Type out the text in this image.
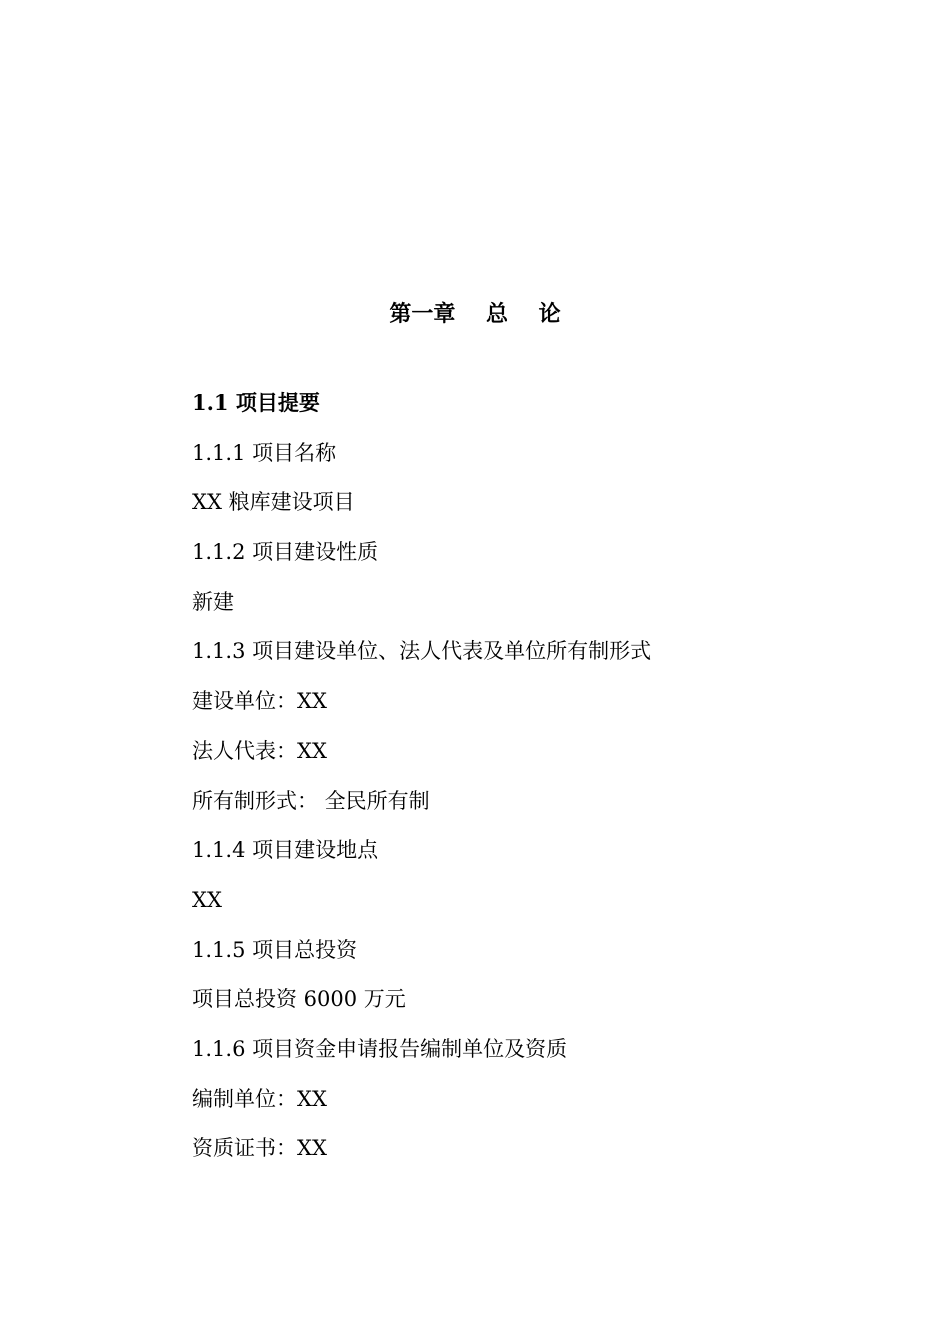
第一章    总    论
1.1 项目提要
1.1.1 项目名称
XX 粮库建设项目
1.1.2 项目建设性质
新建
1.1.3 项目建设单位、法人代表及单位所有制形式
建设单位：XX
法人代表：XX
所有制形式： 全民所有制
1.1.4 项目建设地点
XX
1.1.5 项目总投资
项目总投资 6000 万元
1.1.6 项目资金申请报告编制单位及资质
编制单位：XX
资质证书：XX
